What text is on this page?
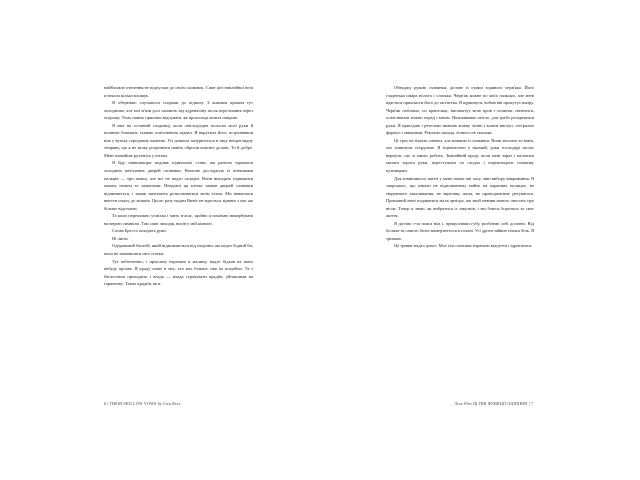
найближче оточення не підпускає до своїх схованок. Саме цієї ювілейної ночі я чекала кілька місяців.

Я обережно спускаюся сходами до підвалу. З кожним кроком тут холодніше, але мої м'язи досі палають від адреналіну після перелізання через огорожу. Тому навіть приємно відчувати, як прохолода кошла шкірою.

Я вже на останній сходинці, коли світлодіодна полоска моєї руки й починає блимати, тьмяно освітлюючи підвал. Я вкрутила його, встромивши ніж у вузьку серединну каменю. Усі довкола занурюється в таку непроглядну темряву, що я не можу розрізнити навіть обрисів власної долоні. То й добре. Мені значайше рухатись у пітьмі.

Я йду навпомацки подовж підвальної стіни, аж раптом торкаюся холодних металевих дверей схованки. Нахилю досліджую їх кінчиками пальців — три замки, але всі не надто складні. Вони виходять підважити можну ножем та захватами. Невдовзі ця клітка замків дверей схованки відчиняється, і замки вилітають розколюватися моїм тілом. Ми навчилася внести опалу до мішків. Цього разу надам Вивіс не вдасться зірвати з нас аж більше відстояти.

Та коли переможно усміхка і мить згасає, щойно я помічаю викарбувані на верхні символи. Там саме лиходія, висів у мій кімнаті.

Слова Бреста холодять руки.

Ні лисів.

Одержимий багатій, який відмовляється від охорони, аж надто бідний би, коли не зачинилися свої статки.

Тут небезпечно, і прокляту втрачати в малину, надто бідкав на мить набуду прозак. Я краду лише в тих, хто має більше, ніж їм потрібно. Та з багатством приходить і влада — влада страчувати крадіїв, уйішшими на гаряченку. Таких крадіїв, як я.

6|THESE HOLLOW VOWS by Lisa Rees

Обводжу рукою схованки, дістаю із сумки зоряного черв'яка. Його гладенька шкіра волога і слизька. Черв'як кожне по моїх пальцях, але мені вдається прикласти його до зап'ястка. Я щрипнуся, вобив він прокусує шкіру. Черв'як поблимо, по крапельці, висмоктує мою кров і починає світитися, освітлюючи землю перед і мною. Нежиживаю світло, для треба розіднятися руки. Я присідаю і ретельно вивчаю кожну лінію і кожен виступ, лістрално формул і звичкими. Рекламо запада, лічного не сказали.

Ці троє не зіязать символ, але кожним із схованки. Вони зносять-то вони, але зникнути стердзоме. Я зіціквіточно у ньомий, доки господарі застає вернути, що зі мною робить. Значайний кроді, коли мені зараз і налічити мазати зорота руки, переступити по сходах і переповідати схованку кузницями.

Для зовнішнього житті у мене немає ані часу, аню вибору викривання. Я запрошаєс, що ніколи не відповпатиму нийте на каркових палицях, не тюремного закаливання, не вартовку жала, не проводжатиме ретуватася. Приманий мені подаватися мала артігра, аж ткой навчив нового зносить про вісім. Тепер я знаю, як вибратися із закутків, і ми боюся боротися за своє життя.

Я дістаю з-за пояса ніж і, прикусивши губу, розблюю собі долоню. Від боляча-за самого болю намерзнеться в голові. Усі дроти зайвие тільки біль. Я тримаю.

Це триває надто довго. Моє тіло починає втрачати відчуття і здригатися.

Ліла Рівз ЦІ ПІВ ФУНКЦІЇ ОЦІПІННІ|7
